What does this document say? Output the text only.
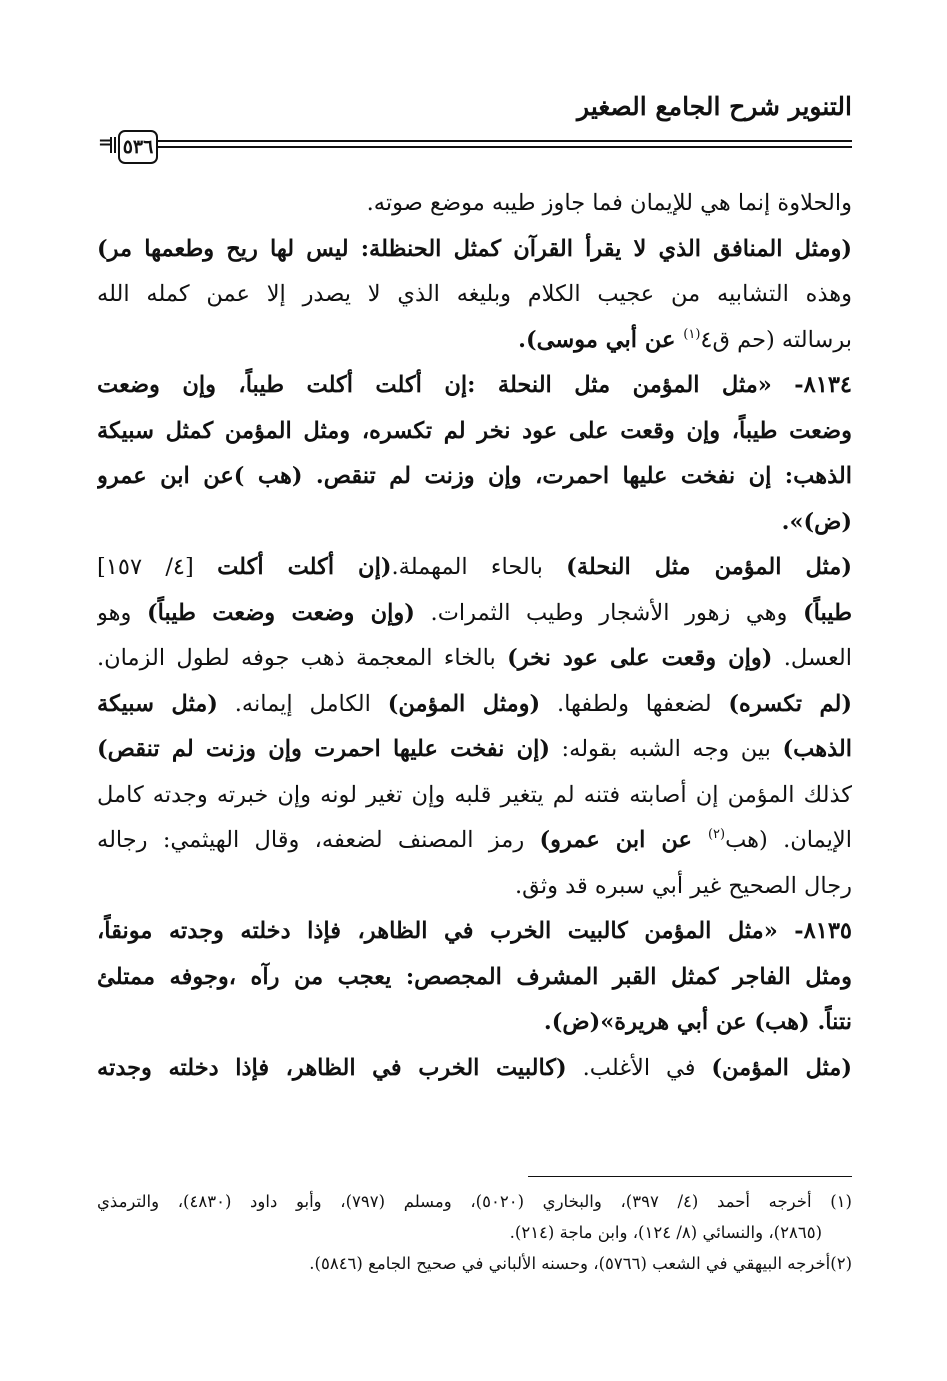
التنوير شرح الجامع الصغير
= ٥٣٦
والحلاوة إنما هي للإيمان فما جاوز طيبه موضع صوته.
(ومثل المنافق الذي لا يقرأ القرآن كمثل الحنظلة: ليس لها ريح وطعمها مر)
وهذه التشابيه من عجيب الكلام وبليغه الذي لا يصدر إلا عمن كمله الله
برسالته (حم ق٤$^{(١)}$ عن أبي موسى).
٨١٣٤- «مثل المؤمن مثل النحلة :إن أكلت أكلت طيباً، وإن وضعت
وضعت طيباً، وإن وقعت على عود نخر لم تكسره، ومثل المؤمن كمثل سبيكة
الذهب: إن نفخت عليها احمرت، وإن وزنت لم تنقص. (هب )عن ابن عمرو
(ض)».
(مثل المؤمن مثل النحلة) بالحاء المهملة.(إن أكلت أكلت [٤/ ١٥٧]
طيباً) وهي زهور الأشجار وطيب الثمرات. (وإن وضعت وضعت طيباً) وهو
العسل. (وإن وقعت على عود نخر) بالخاء المعجمة ذهب جوفه لطول الزمان.
(لم تكسره) لضعفها ولطفها. (ومثل المؤمن) الكامل إيمانه. (مثل سبيكة
الذهب) بين وجه الشبه بقوله: (إن نفخت عليها احمرت وإن وزنت لم تنقص)
كذلك المؤمن إن أصابته فتنه لم يتغير قلبه وإن تغير لونه وإن خبرته وجدته كامل
الإيمان. (هب$^{(٢)}$ عن ابن عمرو) رمز المصنف لضعفه، وقال الهيثمي: رجاله
رجال الصحيح غير أبي سبره قد وثق.
٨١٣٥- «مثل المؤمن كالبيت الخرب في الظاهر، فإذا دخلته وجدته مونقاً،
ومثل الفاجر كمثل القبر المشرف المجصص: يعجب من رآه ،وجوفه ممتلئ
نتناً. (هب) عن أبي هريرة»(ض).
(مثل المؤمن) في الأغلب. (كالبيت الخرب في الظاهر، فإذا دخلته وجدته
(١) أخرجه أحمد (٤/ ٣٩٧)، والبخاري (٥٠٢٠)، ومسلم (٧٩٧)، وأبو داود (٤٨٣٠)، والترمذي
(٢٨٦٥)، والنسائي (٨/ ١٢٤)، وابن ماجة (٢١٤).
(٢)أخرجه البيهقي في الشعب (٥٧٦٦)، وحسنه الألباني في صحيح الجامع (٥٨٤٦).
